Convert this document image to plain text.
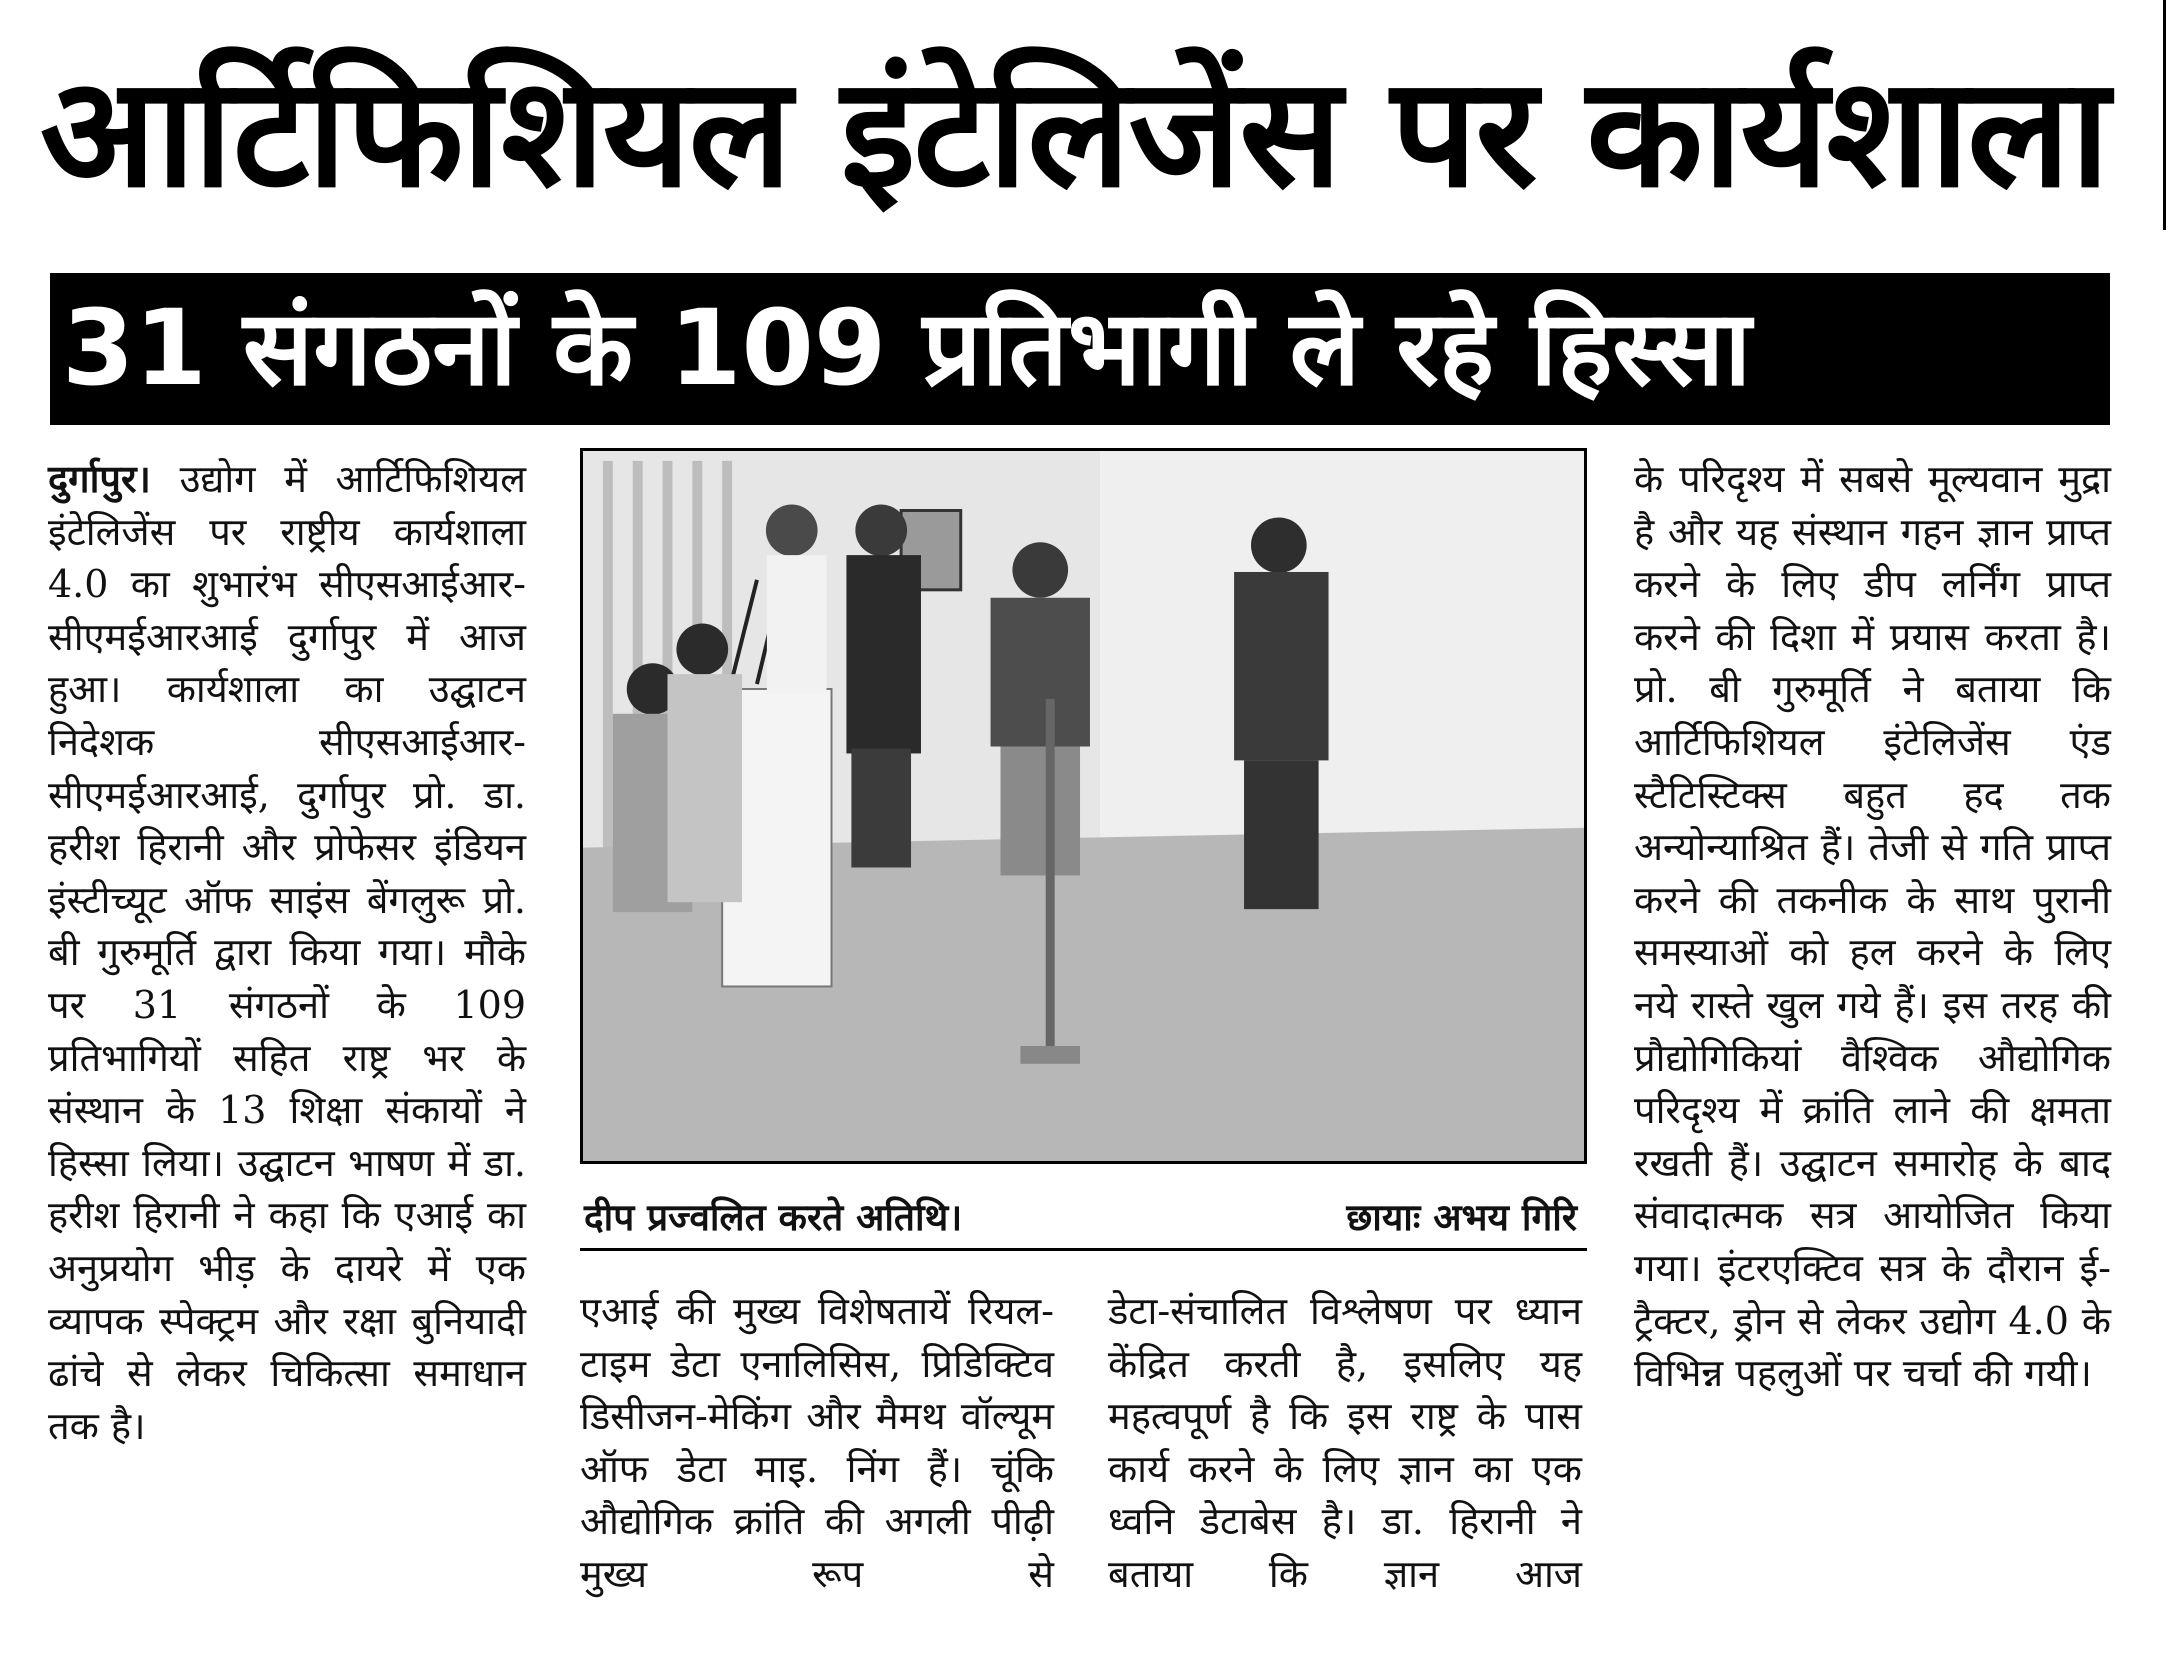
आर्टिफिशियल इंटेलिजेंस पर कार्यशाला
31 संगठनों के 109 प्रतिभागी ले रहे हिस्सा

दुर्गापुर। उद्योग में आर्टिफिशियल इंटेलिजेंस पर राष्ट्रीय कार्यशाला 4.0 का शुभारंभ सीएसआईआर-सीएमईआरआई दुर्गापुर में आज हुआ। कार्यशाला का उद्घाटन निदेशक सीएसआईआर-सीएमईआरआई, दुर्गापुर प्रो. डा. हरीश हिरानी और प्रोफेसर इंडियन इंस्टीच्यूट ऑफ साइंस बेंगलुरू प्रो. बी गुरुमूर्ति द्वारा किया गया। मौके पर 31 संगठनों के 109 प्रतिभागियों सहित राष्ट्र भर के संस्थान के 13 शिक्षा संकायों ने हिस्सा लिया। उद्घाटन भाषण में डा. हरीश हिरानी ने कहा कि एआई का अनुप्रयोग भीड़ के दायरे में एक व्यापक स्पेक्ट्रम और रक्षा बुनियादी ढांचे से लेकर चिकित्सा समाधान तक है।

दीप प्रज्वलित करते अतिथि।	छायाः अभय गिरि

एआई की मुख्य विशेषतायें रियल-टाइम डेटा एनालिसिस, प्रिडिक्टिव डिसीजन-मेकिंग और मैमथ वॉल्यूम ऑफ डेटा माइ. निंग हैं। चूंकि औद्योगिक क्रांति की अगली पीढ़ी मुख्य रूप से

डेटा-संचालित विश्लेषण पर ध्यान केंद्रित करती है, इसलिए यह महत्वपूर्ण है कि इस राष्ट्र के पास कार्य करने के लिए ज्ञान का एक ध्वनि डेटाबेस है। डा. हिरानी ने बताया कि ज्ञान आज

के परिदृश्य में सबसे मूल्यवान मुद्रा है और यह संस्थान गहन ज्ञान प्राप्त करने के लिए डीप लर्निंग प्राप्त करने की दिशा में प्रयास करता है। प्रो. बी गुरुमूर्ति ने बताया कि आर्टिफिशियल इंटेलिजेंस एंड स्टैटिस्टिक्स बहुत हद तक अन्योन्याश्रित हैं। तेजी से गति प्राप्त करने की तकनीक के साथ पुरानी समस्याओं को हल करने के लिए नये रास्ते खुल गये हैं। इस तरह की प्रौद्योगिकियां वैश्विक औद्योगिक परिदृश्य में क्रांति लाने की क्षमता रखती हैं। उद्घाटन समारोह के बाद संवादात्मक सत्र आयोजित किया गया। इंटरएक्टिव सत्र के दौरान ई-ट्रैक्टर, ड्रोन से लेकर उद्योग 4.0 के विभिन्न पहलुओं पर चर्चा की गयी।
